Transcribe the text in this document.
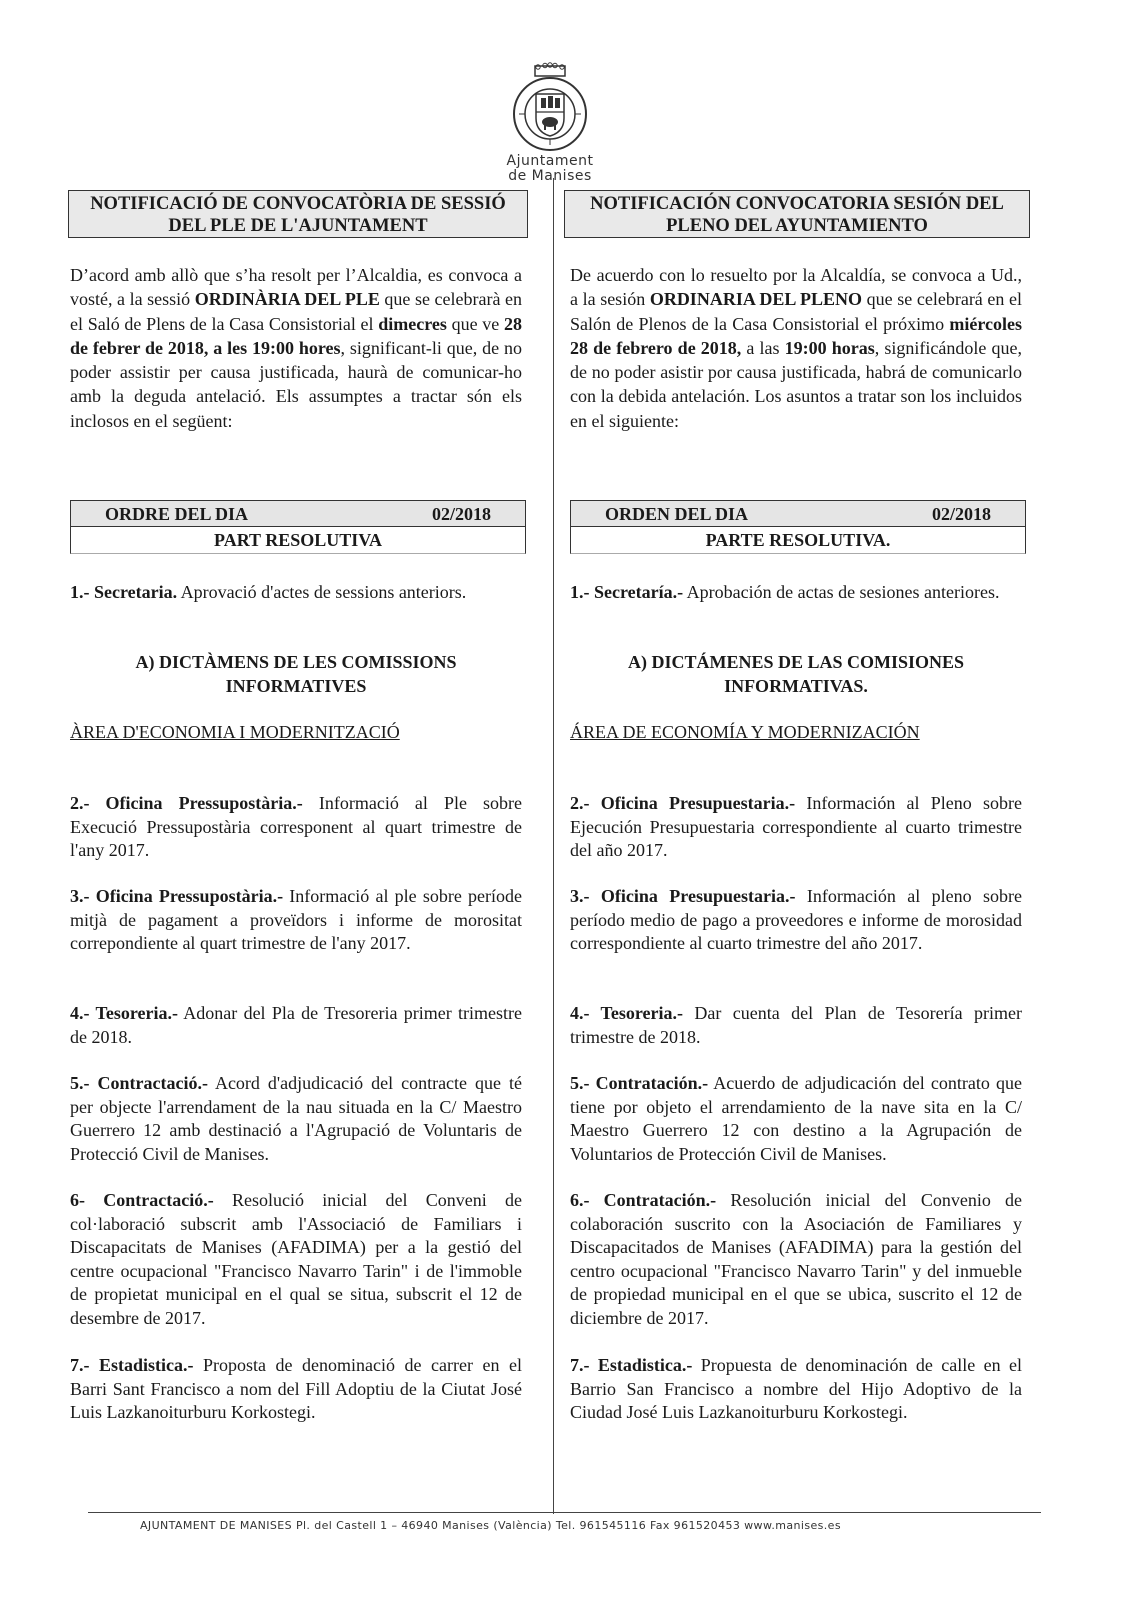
Ajuntament
de Manises
NOTIFICACIÓ DE CONVOCATÒRIA DE SESSIÓ DEL PLE DE L'AJUNTAMENT
D’acord amb allò que s’ha resolt per l’Alcaldia, es convoca a vosté, a la sessió ORDINÀRIA DEL PLE que se celebrarà en el Saló de Plens de la Casa Consistorial el dimecres que ve 28 de febrer de 2018, a les 19:00 hores, significant-li que, de no poder assistir per causa justificada, haurà de comunicar-ho amb la deguda antelació. Els assumptes a tractar són els inclosos en el següent:
ORDRE DEL DIA	02/2018
PART RESOLUTIVA
1.- Secretaria. Aprovació d'actes de sessions anteriors.
A) DICTÀMENS DE LES COMISSIONS INFORMATIVES
ÀREA D'ECONOMIA I MODERNITZACIÓ
2.- Oficina Pressupostària.- Informació al Ple sobre Execució Pressupostària corresponent al quart trimestre de l'any 2017.
3.- Oficina Pressupostària.- Informació al ple sobre període mitjà de pagament a proveïdors i informe de morositat correpondiente al quart trimestre de l'any 2017.
4.- Tesoreria.- Adonar del Pla de Tresoreria primer trimestre de 2018.
5.- Contractació.- Acord d'adjudicació del contracte que té per objecte l'arrendament de la nau situada en la C/ Maestro Guerrero 12 amb destinació a l'Agrupació de Voluntaris de Protecció Civil de Manises.
6- Contractació.- Resolució inicial del Conveni de col·laboració subscrit amb l'Associació de Familiars i Discapacitats de Manises (AFADIMA) per a la gestió del centre ocupacional "Francisco Navarro Tarin" i de l'immoble de propietat municipal en el qual se situa, subscrit el 12 de desembre de 2017.
7.- Estadistica.- Proposta de denominació de carrer en el Barri Sant Francisco a nom del Fill Adoptiu de la Ciutat José Luis Lazkanoiturburu Korkostegi.
NOTIFICACIÓN CONVOCATORIA SESIÓN DEL PLENO DEL AYUNTAMIENTO
De acuerdo con lo resuelto por la Alcaldía, se convoca a Ud., a la sesión ORDINARIA DEL PLENO que se celebrará en el Salón de Plenos de la Casa Consistorial el próximo miércoles 28 de febrero de 2018, a las 19:00 horas, significándole que, de no poder asistir por causa justificada, habrá de comunicarlo con la debida antelación. Los asuntos a tratar son los incluidos en el siguiente:
ORDEN DEL DIA	02/2018
PARTE RESOLUTIVA.
1.- Secretaría.- Aprobación de actas de sesiones anteriores.
A) DICTÁMENES DE LAS COMISIONES INFORMATIVAS.
ÁREA DE ECONOMÍA Y MODERNIZACIÓN
2.- Oficina Presupuestaria.- Información al Pleno sobre Ejecución Presupuestaria correspondiente al cuarto trimestre del año 2017.
3.- Oficina Presupuestaria.- Información al pleno sobre período medio de pago a proveedores e informe de morosidad correspondiente al cuarto trimestre del año 2017.
4.- Tesoreria.- Dar cuenta del Plan de Tesorería primer trimestre de 2018.
5.- Contratación.- Acuerdo de adjudicación del contrato que tiene por objeto el arrendamiento de la nave sita en la C/ Maestro Guerrero 12 con destino a la Agrupación de Voluntarios de Protección Civil de Manises.
6.- Contratación.- Resolución inicial del Convenio de colaboración suscrito con la Asociación de Familiares y Discapacitados de Manises (AFADIMA) para la gestión del centro ocupacional "Francisco Navarro Tarin" y del inmueble de propiedad municipal en el que se ubica, suscrito el 12 de diciembre de 2017.
7.- Estadistica.- Propuesta de denominación de calle en el Barrio San Francisco a nombre del Hijo Adoptivo de la Ciudad José Luis Lazkanoiturburu Korkostegi.
AJUNTAMENT DE MANISES Pl. del Castell 1 – 46940 Manises (València) Tel. 961545116 Fax 961520453 www.manises.es
